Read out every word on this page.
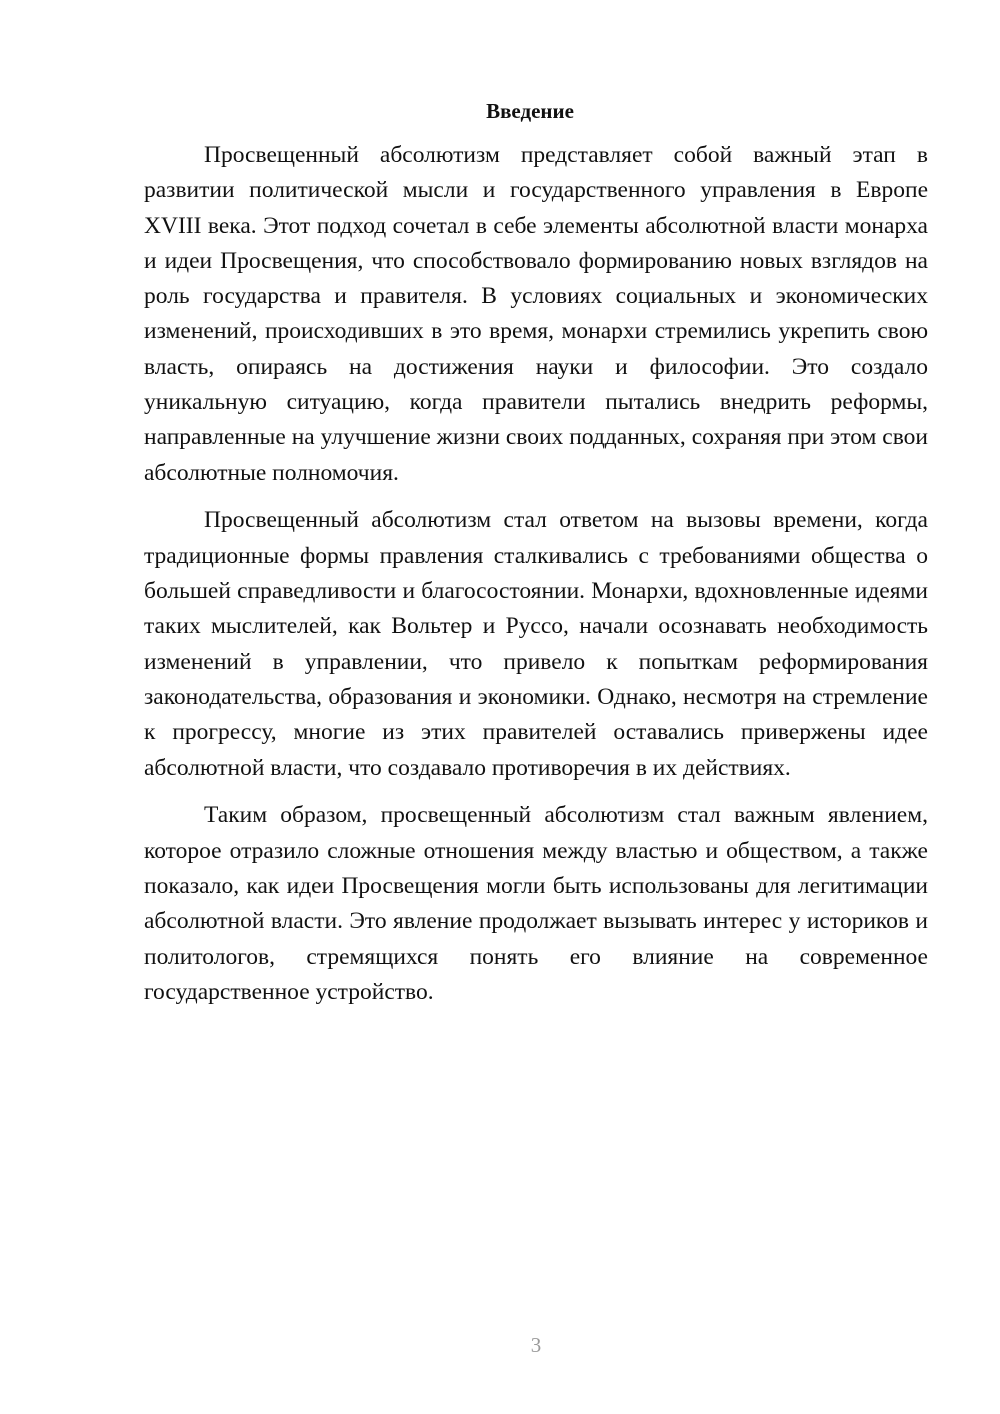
Введение

Просвещенный абсолютизм представляет собой важный этап в развитии политической мысли и государственного управления в Европе XVIII века. Этот подход сочетал в себе элементы абсолютной власти монарха и идеи Просвещения, что способствовало формированию новых взглядов на роль государства и правителя. В условиях социальных и экономических изменений, происходивших в это время, монархи стремились укрепить свою власть, опираясь на достижения науки и философии. Это создало уникальную ситуацию, когда правители пытались внедрить реформы, направленные на улучшение жизни своих подданных, сохраняя при этом свои абсолютные полномочия.

Просвещенный абсолютизм стал ответом на вызовы времени, когда традиционные формы правления сталкивались с требованиями общества о большей справедливости и благосостоянии. Монархи, вдохновленные идеями таких мыслителей, как Вольтер и Руссо, начали осознавать необходимость изменений в управлении, что привело к попыткам реформирования законодательства, образования и экономики. Однако, несмотря на стремление к прогрессу, многие из этих правителей оставались привержены идее абсолютной власти, что создавало противоречия в их действиях.

Таким образом, просвещенный абсолютизм стал важным явлением, которое отразило сложные отношения между властью и обществом, а также показало, как идеи Просвещения могли быть использованы для легитимации абсолютной власти. Это явление продолжает вызывать интерес у историков и политологов, стремящихся понять его влияние на современное государственное устройство.

3
